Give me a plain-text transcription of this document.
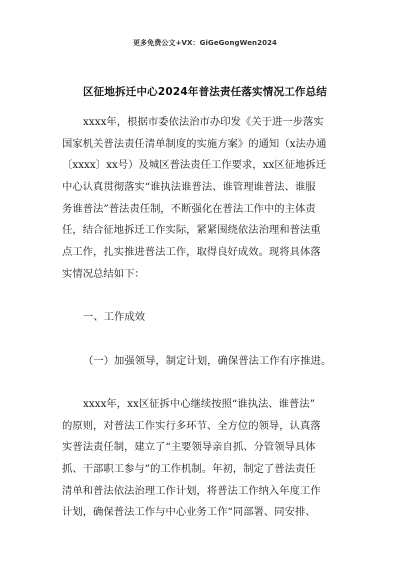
更多免费公文+VX：GiGeGongWen2024
区征地拆迁中心2024年普法责任落实情况工作总结
xxxx年，根据市委依法治市办印发《关于进一步落实
国家机关普法责任清单制度的实施方案》的通知（x法办通
〔xxxx〕xx号）及城区普法责任工作要求，xx区征地拆迁
中心认真贯彻落实“谁执法谁普法、谁管理谁普法、谁服
务谁普法”普法责任制，不断强化在普法工作中的主体责
任，结合征地拆迁工作实际，紧紧围绕依法治理和普法重
点工作，扎实推进普法工作，取得良好成效。现将具体落
实情况总结如下：
一、工作成效
（一）加强领导，制定计划，确保普法工作有序推进。
xxxx年，xx区征拆中心继续按照“谁执法、谁普法”
的原则，对普法工作实行多环节、全方位的领导，认真落
实普法责任制，建立了“主要领导亲自抓、分管领导具体
抓、干部职工参与”的工作机制。年初，制定了普法责任
清单和普法依法治理工作计划，将普法工作纳入年度工作
计划，确保普法工作与中心业务工作“同部署、同安排、
